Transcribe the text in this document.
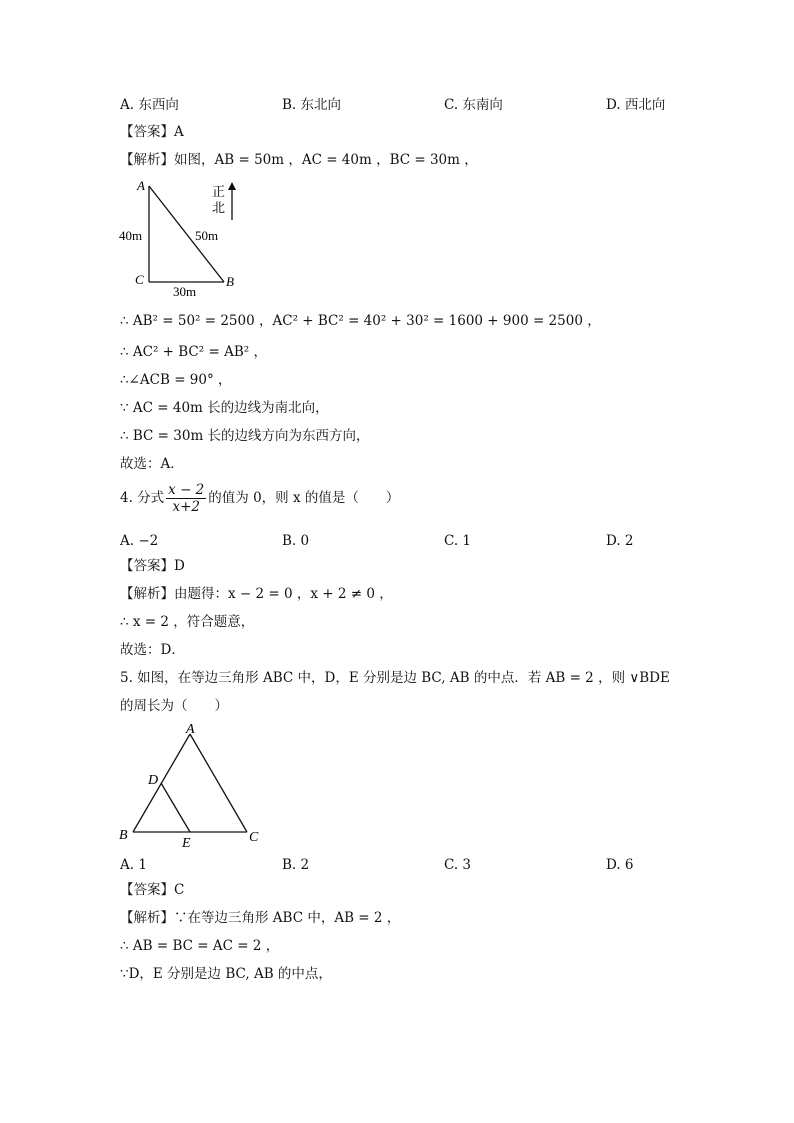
A. 东西向	B. 东北向	C. 东南向	D. 西北向
【答案】A
【解析】如图，AB = 50m ，AC = 40m ，BC = 30m ，
A
C	B
40m	50m
30m
正
北
∴ AB² = 50² = 2500 ，AC² + BC² = 40² + 30² = 1600 + 900 = 2500 ，
∴ AC² + BC² = AB² ，
∴∠ACB = 90° ，
∵ AC = 40m 长的边线为南北向，
∴ BC = 30m 长的边线方向为东西方向，
故选：A．
4. 分式 $\frac{x - 2}{x+2}$ 的值为 0，则 x 的值是（　　）
A. −2	B. 0	C. 1	D. 2
【答案】D
【解析】由题得：x − 2 = 0 ，x + 2 ≠ 0 ，
∴ x = 2 ，符合题意，
故选：D．
5. 如图，在等边三角形 ABC 中，D，E 分别是边 BC, AB 的中点．若 AB = 2 ，则 ∨BDE
的周长为（　　）
A
D
B
E	C
A. 1	B. 2	C. 3	D. 6
【答案】C
【解析】∵在等边三角形 ABC 中，AB = 2 ，
∴ AB = BC = AC = 2 ，
∵D，E 分别是边 BC, AB 的中点，
